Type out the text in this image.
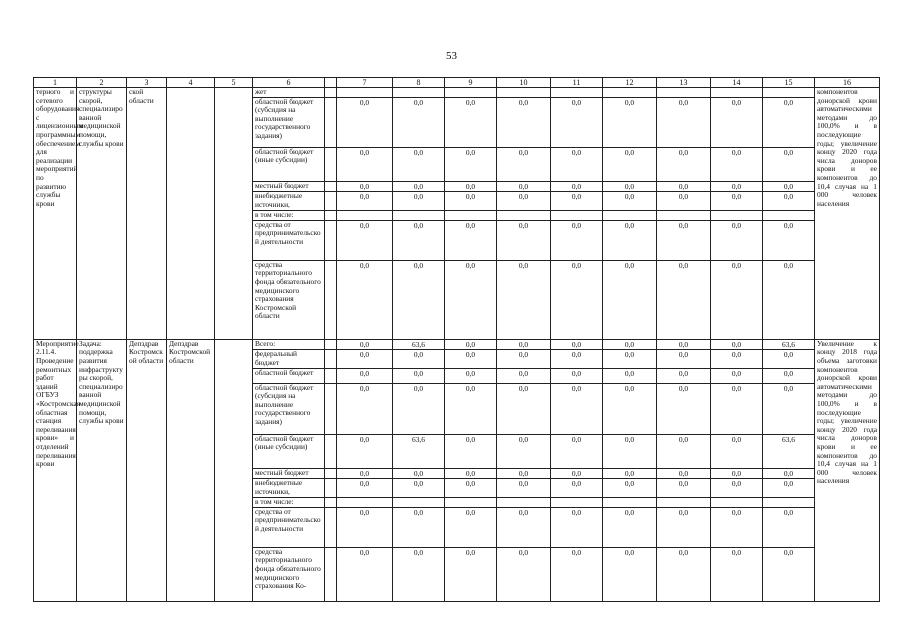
53
1	2	3	4	5	6		7	8	9	10	11	12	13	14	15	16
терного и сетевого оборудования с лицензионным программным обеспечением для реализации мероприятий по развитию службы крови	структуры скорой, специализированной медицинской помощи, службы крови	ской области			жет											компонентов донорской крови автоматическими методами до 100,0% и в последующие годы; увеличение концу 2020 года числа доноров крови и ее компонентов до 10,4 случая на 1 000 человек населения
					областной бюджет (субсидия на выполнение государственного задания)		0,0	0,0	0,0	0,0	0,0	0,0	0,0	0,0	0,0	
					областной бюджет (иные субсидии)		0,0	0,0	0,0	0,0	0,0	0,0	0,0	0,0	0,0	
					местный бюджет		0,0	0,0	0,0	0,0	0,0	0,0	0,0	0,0	0,0	
					внебюджетные источники,		0,0	0,0	0,0	0,0	0,0	0,0	0,0	0,0	0,0	
					в том числе:											
					средства от предпринимательской деятельности		0,0	0,0	0,0	0,0	0,0	0,0	0,0	0,0	0,0	
					средства территориального фонда обязательного медицинского страхования Костромской области		0,0	0,0	0,0	0,0	0,0	0,0	0,0	0,0	0,0	
Мероприятие 2.11.4. Проведение ремонтных работ зданий ОГБУЗ «Костромская областная станция переливания крови» и отделений переливания крови	Задача: поддержка развития инфраструктуры скорой, специализированной медицинской помощи, службы крови	Депздрав Костромской области	Депздрав Костромской области		Всего:		0,0	63,6	0,0	0,0	0,0	0,0	0,0	0,0	63,6	Увеличение к концу 2018 года объема заготовки компонентов донорской крови автоматическими методами до 100,0% и в последующие годы; увеличение концу 2020 года числа доноров крови и ее компонентов до 10,4 случая на 1 000 человек населения
					федеральный бюджет		0,0	0,0	0,0	0,0	0,0	0,0	0,0	0,0	0,0	
					областной бюджет		0,0	0,0	0,0	0,0	0,0	0,0	0,0	0,0	0,0	
					областной бюджет (субсидия на выполнение государственного задания)		0,0	0,0	0,0	0,0	0,0	0,0	0,0	0,0	0,0	
					областной бюджет (иные субсидии)		0,0	63,6	0,0	0,0	0,0	0,0	0,0	0,0	63,6	
					местный бюджет		0,0	0,0	0,0	0,0	0,0	0,0	0,0	0,0	0,0	
					внебюджетные источники,		0,0	0,0	0,0	0,0	0,0	0,0	0,0	0,0	0,0	
					в том числе:											
					средства от предпринимательской деятельности		0,0	0,0	0,0	0,0	0,0	0,0	0,0	0,0	0,0	
					средства территориального фонда обязательного медицинского страхования Ко-		0,0	0,0	0,0	0,0	0,0	0,0	0,0	0,0	0,0	
